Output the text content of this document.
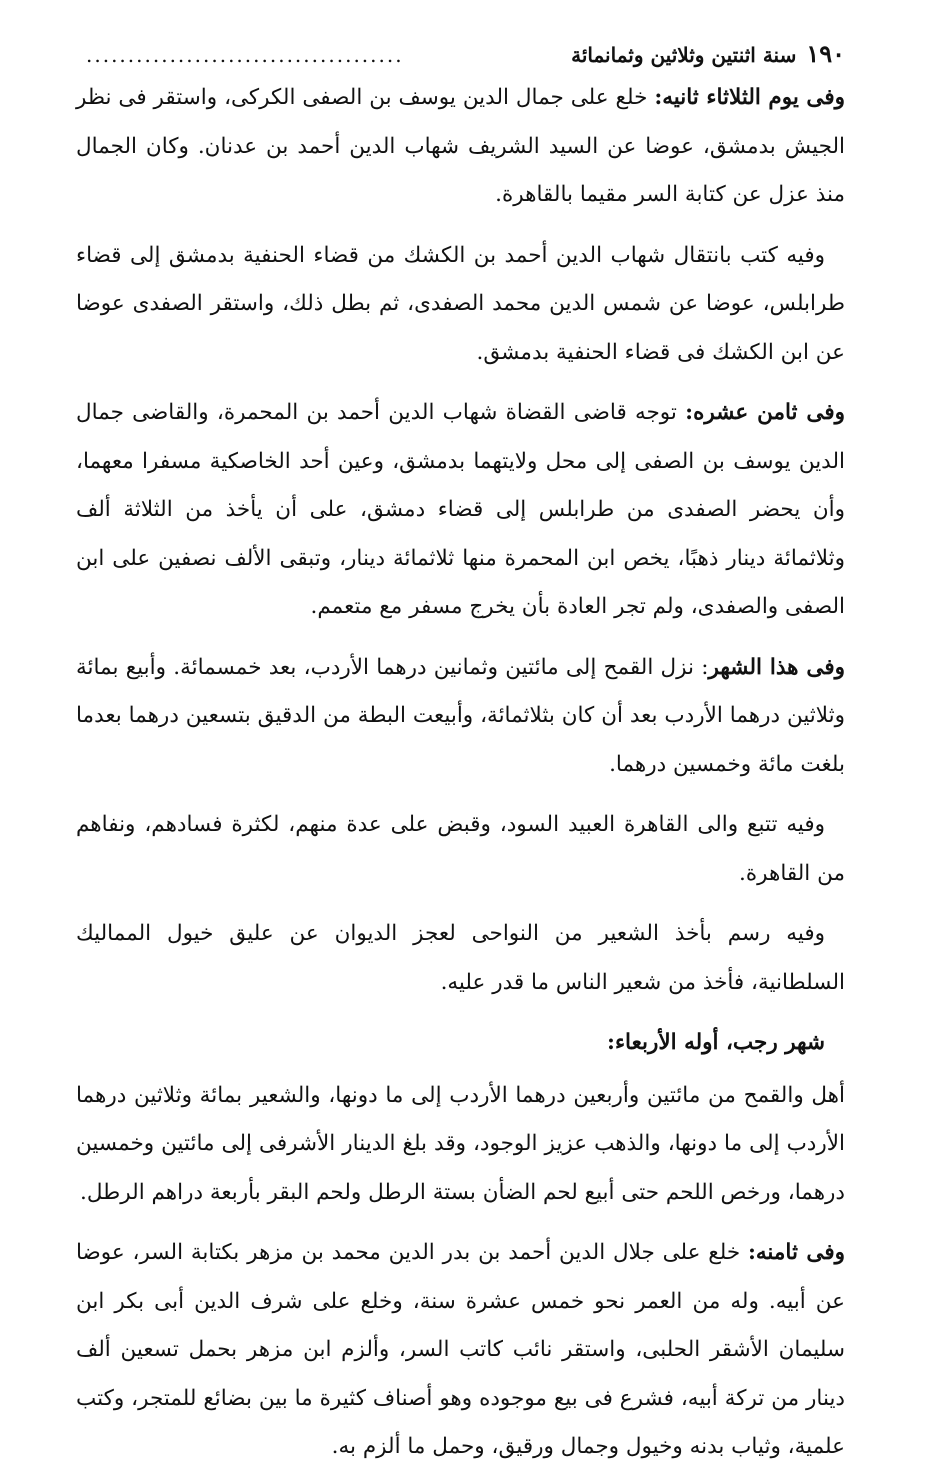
١٩٠
سنة اثنتين وثلاثين وثمانمائة
......................................

وفى يوم الثلاثاء ثانيه: خلع على جمال الدين يوسف بن الصفى الكركى، واستقر فى نظر الجيش بدمشق، عوضا عن السيد الشريف شهاب الدين أحمد بن عدنان. وكان الجمال منذ عزل عن كتابة السر مقيما بالقاهرة.

وفيه كتب بانتقال شهاب الدين أحمد بن الكشك من قضاء الحنفية بدمشق إلى قضاء طرابلس، عوضا عن شمس الدين محمد الصفدى، ثم بطل ذلك، واستقر الصفدى عوضا عن ابن الكشك فى قضاء الحنفية بدمشق.

وفى ثامن عشره: توجه قاضى القضاة شهاب الدين أحمد بن المحمرة، والقاضى جمال الدين يوسف بن الصفى إلى محل ولايتهما بدمشق، وعين أحد الخاصكية مسفرا معهما، وأن يحضر الصفدى من طرابلس إلى قضاء دمشق، على أن يأخذ من الثلاثة ألف وثلاثمائة دينار ذهبًا، يخص ابن المحمرة منها ثلاثمائة دينار، وتبقى الألف نصفين على ابن الصفى والصفدى، ولم تجر العادة بأن يخرج مسفر مع متعمم.

وفى هذا الشهر: نزل القمح إلى مائتين وثمانين درهما الأردب، بعد خمسمائة. وأبيع بمائة وثلاثين درهما الأردب بعد أن كان بثلاثمائة، وأبيعت البطة من الدقيق بتسعين درهما بعدما بلغت مائة وخمسين درهما.

وفيه تتبع والى القاهرة العبيد السود، وقبض على عدة منهم، لكثرة فسادهم، ونفاهم من القاهرة.

وفيه رسم بأخذ الشعير من النواحى لعجز الديوان عن عليق خيول المماليك السلطانية، فأخذ من شعير الناس ما قدر عليه.

شهر رجب، أوله الأربعاء:

أهل والقمح من مائتين وأربعين درهما الأردب إلى ما دونها، والشعير بمائة وثلاثين درهما الأردب إلى ما دونها، والذهب عزيز الوجود، وقد بلغ الدينار الأشرفى إلى مائتين وخمسين درهما، ورخص اللحم حتى أبيع لحم الضأن بستة الرطل ولحم البقر بأربعة دراهم الرطل.

وفى ثامنه: خلع على جلال الدين أحمد بن بدر الدين محمد بن مزهر بكتابة السر، عوضا عن أبيه. وله من العمر نحو خمس عشرة سنة، وخلع على شرف الدين أبى بكر ابن سليمان الأشقر الحلبى، واستقر نائب كاتب السر، وألزم ابن مزهر بحمل تسعين ألف دينار من تركة أبيه، فشرع فى بيع موجوده وهو أصناف كثيرة ما بين بضائع للمتجر، وكتب علمية، وثياب بدنه وخيول وجمال ورقيق، وحمل ما ألزم به.
